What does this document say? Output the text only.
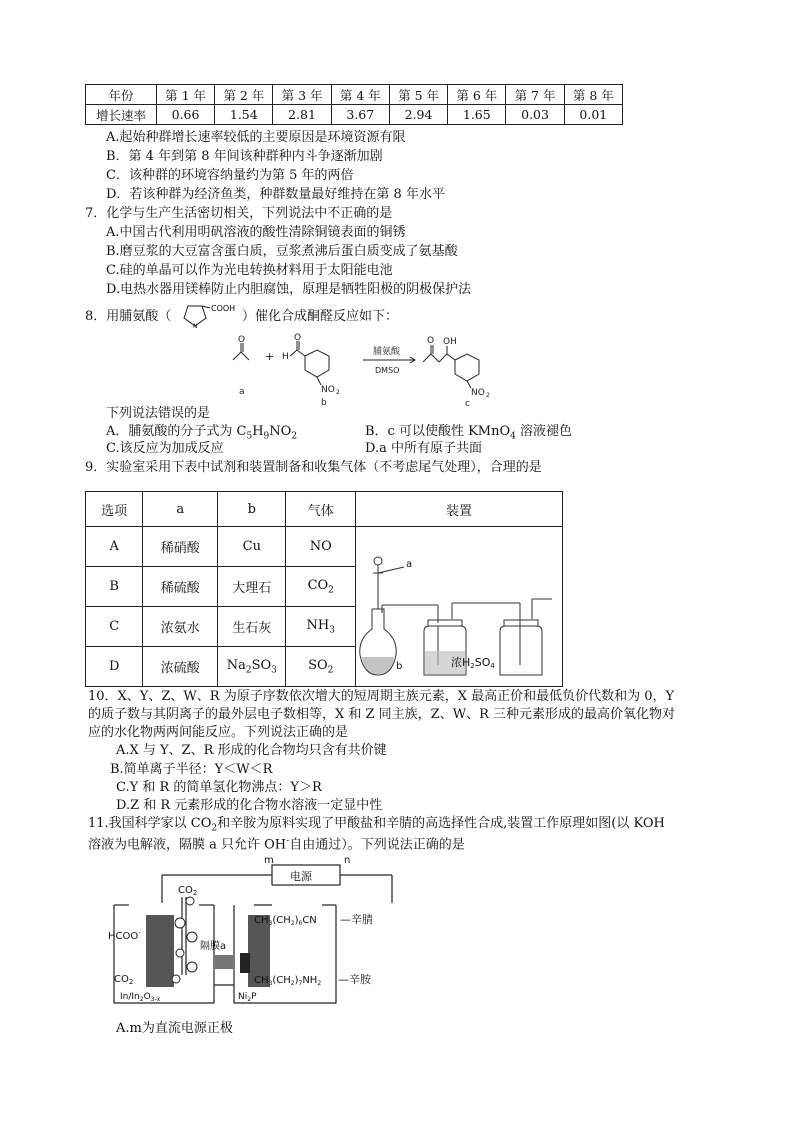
年份	第 1 年	第 2 年	第 3 年	第 4 年	第 5 年	第 6 年	第 7 年	第 8 年
增长速率	0.66	1.54	2.81	3.67	2.94	1.65	0.03	0.01
A.起始种群增长速率较低的主要原因是环境资源有限
B．第 4 年到第 8 年间该种群种内斗争逐渐加剧
C．该种群的环境容纳量约为第 5 年的两倍
D．若该种群为经济鱼类，种群数量最好维持在第 8 年水平
7．化学与生产生活密切相关，下列说法中不正确的是
A.中国古代利用明矾溶液的酸性清除铜镜表面的铜锈
B.磨豆浆的大豆富含蛋白质，豆浆煮沸后蛋白质变成了氨基酸
C.硅的单晶可以作为光电转换材料用于太阳能电池
D.电热水器用镁棒防止内胆腐蚀，原理是牺牲阳极的阴极保护法
8．用脯氨酸（
COOH
N
）催化合成酮醛反应如下：
O
a
+ H
O
NO 2
b
脯氨酸
DMSO
O OH
NO 2
c
下列说法错误的是
A．脯氨酸的分子式为 $C_5H_9NO_2$	B．c 可以使酸性 KMnO$_4$ 溶液褪色
C.该反应为加成反应	D.a 中所有原子共面
9．实验室采用下表中试剂和装置制备和收集气体（不考虑尾气处理），合理的是
选项	a	b	气体	装置
A	稀硝酸	Cu	NO	a
b 浓H2SO4

B	稀硫酸	大理石	$CO_2$
C	浓氨水	生石灰	$NH_3$
D	浓硫酸	$Na_2SO_3$	$SO_2$
10．X、Y、Z、W、R 为原子序数依次增大的短周期主族元素，X 最高正价和最低负价代数和为 0，Y
的质子数与其阴离子的最外层电子数相等，X 和 Z 同主族，Z、W、R 三种元素形成的最高价氧化物对
应的水化物两两间能反应。下列说法正确的是
A.X 与 Y、Z、R 形成的化合物均只含有共价键
B.简单离子半径：Y＜W＜R
C.Y 和 R 的简单氢化物沸点：Y＞R
D.Z 和 R 元素形成的化合物水溶液一定显中性
11.我国科学家以 $CO_2$和辛胺为原料实现了甲酸盐和辛腈的高选择性合成,装置工作原理如图(以 KOH
溶液为电解液，隔膜 a 只允许 OH-自由通过）。下列说法正确的是
m	n
电源
$CO_2$
HCOO-
$CO_2$
$In/In_2O_{3-x}$
隔膜a
$CH_3(CH_2)_6CN$ —辛腈
$CH_3(CH_2)_7NH_2$ —辛胺
$Ni_2P$
A.m为直流电源正极
